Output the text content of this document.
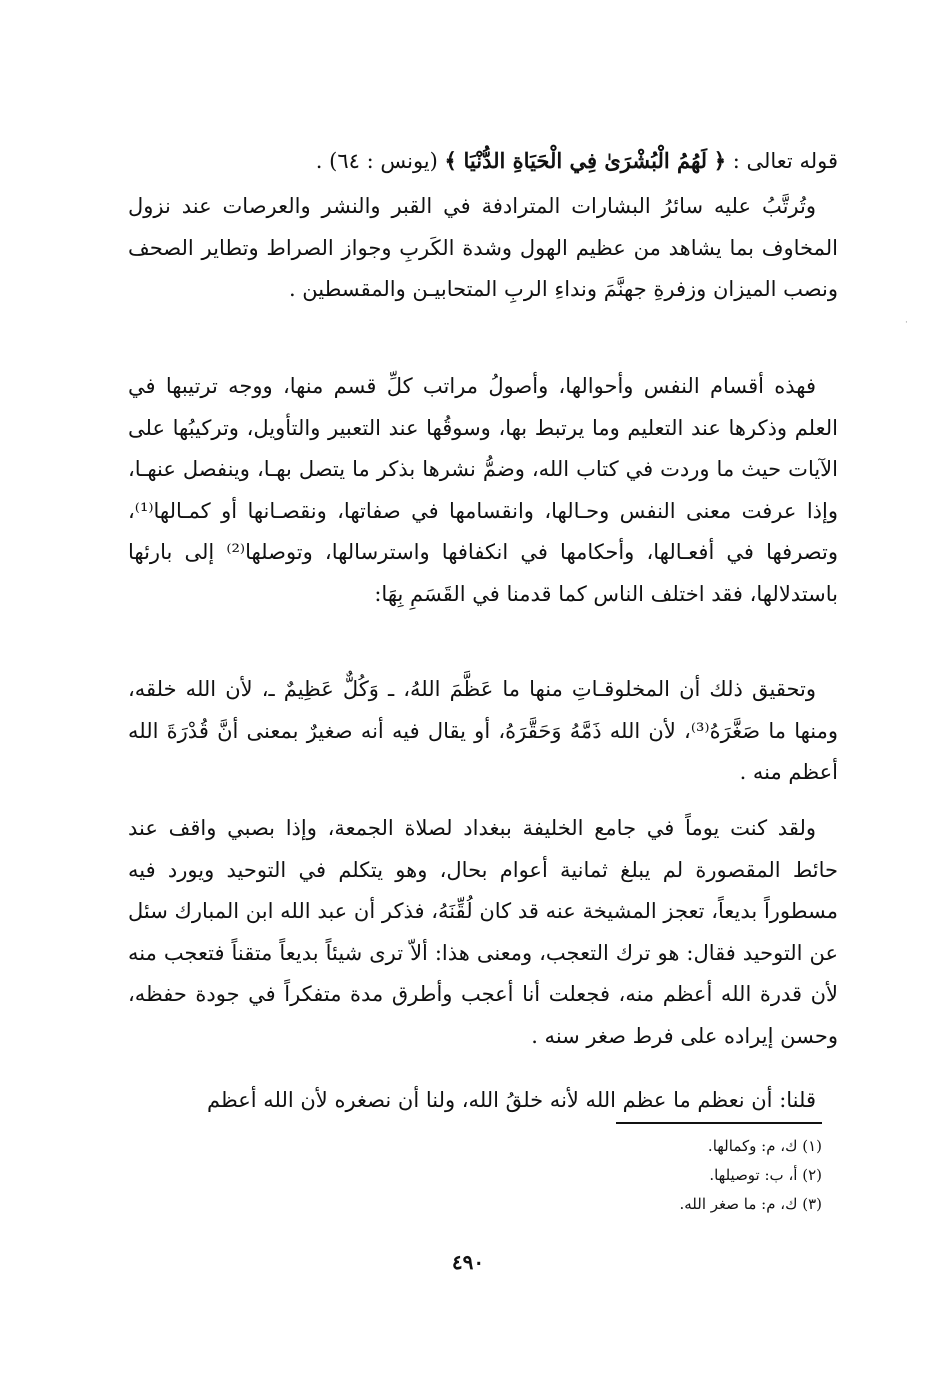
قوله تعالى : ﴿ لَهُمُ الْبُشْرَىٰ فِي الْحَيَاةِ الدُّنْيَا ﴾ (يونس : ٦٤) .

وتُرتَّبُ عليه سائرُ البشارات المترادفة في القبر والنشر والعرصات عند نزول المخاوف بما يشاهد من عظيم الهول وشدة الكَربِ وجواز الصراط وتطاير الصحف ونصب الميزان وزفرةِ جهنَّمَ ونداءِ الربِ المتحابيـن والمقسطين .

فهذه أقسام النفس وأحوالها، وأصولُ مراتب كلِّ قسم منها، ووجه ترتيبها في العلم وذكرها عند التعليم وما يرتبط بها، وسوقُها عند التعبير والتأويل، وتركيبُها على الآيات حيث ما وردت في كتاب الله، وضمُّ نشرها بذكر ما يتصل بهـا، وينفصل عنهـا، وإذا عرفت معنى النفس وحـالها، وانقسامها في صفاتها، ونقصـانها أو كمـالها⁽¹⁾، وتصرفها في أفعـالها، وأحكامها في انكفافها واسترسالها، وتوصلها⁽²⁾ إلى بارئها باستدلالها، فقد اختلف الناس كما قدمنا في القَسَمِ بِهَا:

وتحقيق ذلك أن المخلوقـاتِ منها ما عَظَّمَ اللهُ، ـ وَكُلٌّ عَظِيمٌ ـ، لأن الله خلقه، ومنها ما صَغَّرَهُ⁽³⁾، لأن الله ذَمَّهُ وَحَقَّرَهُ، أو يقال فيه أنه صغيرٌ بمعنى أنَّ قُدْرَةَ الله أعظم منه .

ولقد كنت يوماً في جامع الخليفة ببغداد لصلاة الجمعة، وإذا بصبي واقف عند حائط المقصورة لم يبلغ ثمانية أعوام بحال، وهو يتكلم في التوحيد ويورد فيه مسطوراً بديعاً، تعجز المشيخة عنه قد كان لُقِّنَهُ، فذكر أن عبد الله ابن المبارك سئل عن التوحيد فقال: هو ترك التعجب، ومعنى هذا: ألاّ ترى شيئاً بديعاً متقناً فتعجب منه لأن قدرة الله أعظم منه، فجعلت أنا أعجب وأطرق مدة متفكراً في جودة حفظه، وحسن إيراده على فرط صغر سنه .

قلنا: أن نعظم ما عظم الله لأنه خلقُ الله، ولنا أن نصغره لأن الله أعظم

(١) ك، م: وكمالها.
(٢) أ، ب: توصيلها.
(٣) ك، م: ما صغر الله.
٤٩٠
·
